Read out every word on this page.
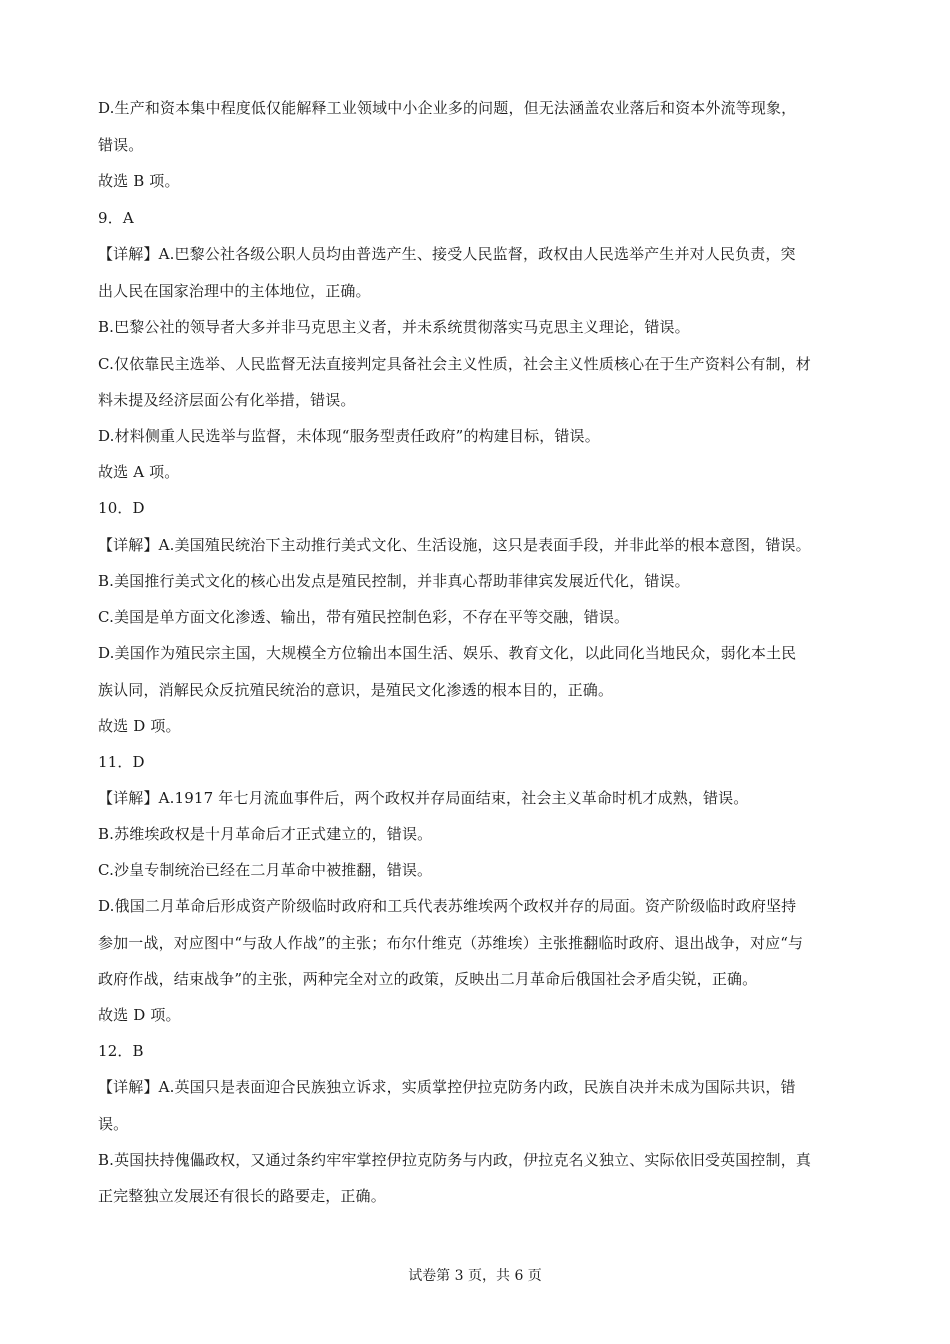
D.生产和资本集中程度低仅能解释工业领域中小企业多的问题，但无法涵盖农业落后和资本外流等现象，
错误。
故选 B 项。
9．A
【详解】A.巴黎公社各级公职人员均由普选产生、接受人民监督，政权由人民选举产生并对人民负责，突
出人民在国家治理中的主体地位，正确。
B.巴黎公社的领导者大多并非马克思主义者，并未系统贯彻落实马克思主义理论，错误。
C.仅依靠民主选举、人民监督无法直接判定具备社会主义性质，社会主义性质核心在于生产资料公有制，材
料未提及经济层面公有化举措，错误。
D.材料侧重人民选举与监督，未体现“服务型责任政府”的构建目标，错误。
故选 A 项。
10．D
【详解】A.美国殖民统治下主动推行美式文化、生活设施，这只是表面手段，并非此举的根本意图，错误。
B.美国推行美式文化的核心出发点是殖民控制，并非真心帮助菲律宾发展近代化，错误。
C.美国是单方面文化渗透、输出，带有殖民控制色彩，不存在平等交融，错误。
D.美国作为殖民宗主国，大规模全方位输出本国生活、娱乐、教育文化，以此同化当地民众，弱化本土民
族认同，消解民众反抗殖民统治的意识，是殖民文化渗透的根本目的，正确。
故选 D 项。
11．D
【详解】A.1917 年七月流血事件后，两个政权并存局面结束，社会主义革命时机才成熟，错误。
B.苏维埃政权是十月革命后才正式建立的，错误。
C.沙皇专制统治已经在二月革命中被推翻，错误。
D.俄国二月革命后形成资产阶级临时政府和工兵代表苏维埃两个政权并存的局面。资产阶级临时政府坚持
参加一战，对应图中“与敌人作战”的主张；布尔什维克（苏维埃）主张推翻临时政府、退出战争，对应“与
政府作战，结束战争”的主张，两种完全对立的政策，反映出二月革命后俄国社会矛盾尖锐，正确。
故选 D 项。
12．B
【详解】A.英国只是表面迎合民族独立诉求，实质掌控伊拉克防务内政，民族自决并未成为国际共识，错
误。
B.英国扶持傀儡政权，又通过条约牢牢掌控伊拉克防务与内政，伊拉克名义独立、实际依旧受英国控制，真
正完整独立发展还有很长的路要走，正确。
试卷第 3 页，共 6 页
